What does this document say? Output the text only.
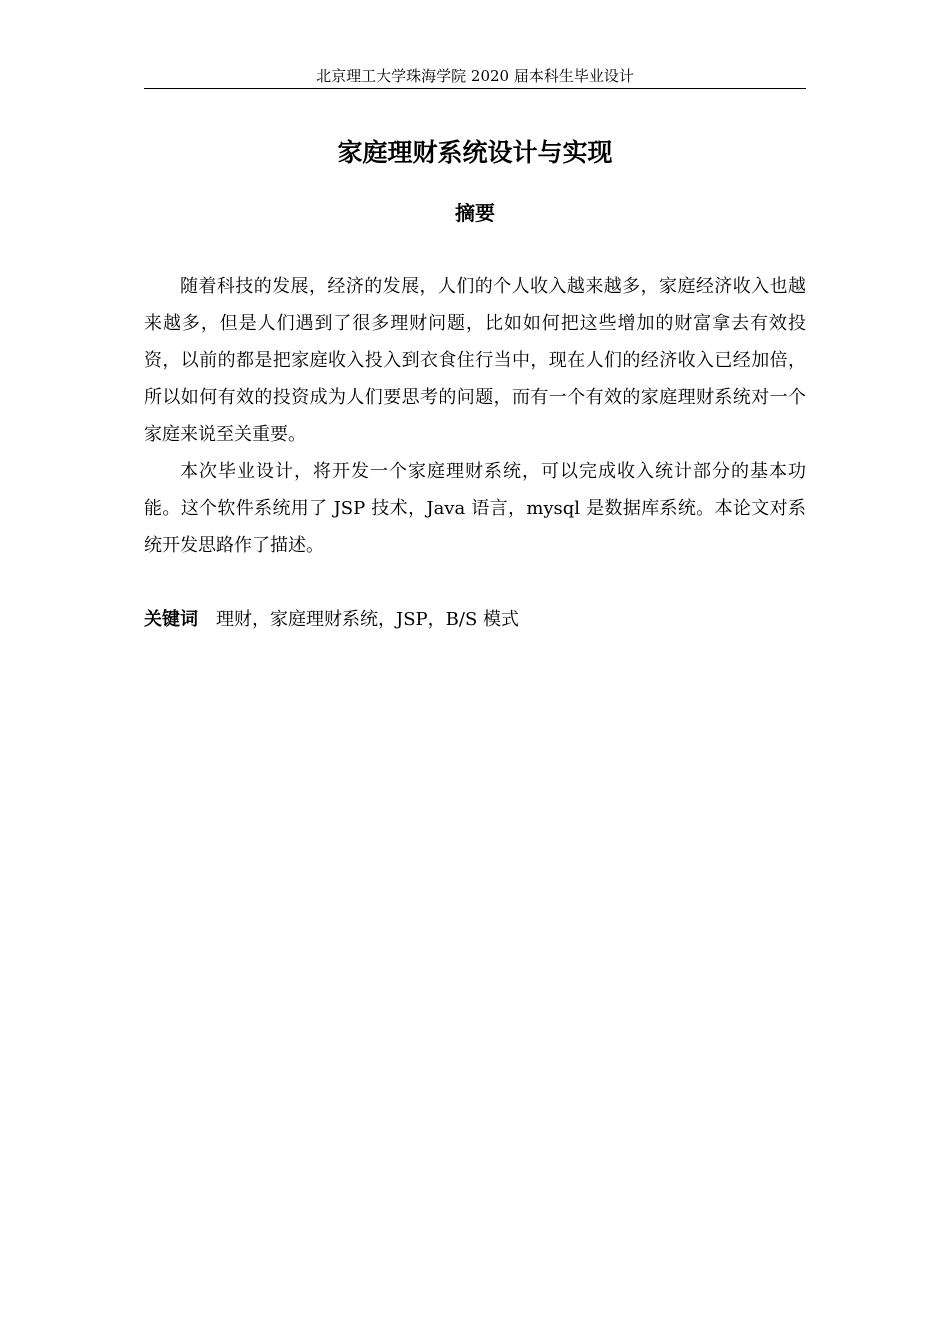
北京理工大学珠海学院 2020 届本科生毕业设计
家庭理财系统设计与实现
摘要

随着科技的发展，经济的发展，人们的个人收入越来越多，家庭经济收入也越来越多，但是人们遇到了很多理财问题，比如如何把这些增加的财富拿去有效投资，以前的都是把家庭收入投入到衣食住行当中，现在人们的经济收入已经加倍，所以如何有效的投资成为人们要思考的问题，而有一个有效的家庭理财系统对一个家庭来说至关重要。

本次毕业设计，将开发一个家庭理财系统，可以完成收入统计部分的基本功能。这个软件系统用了 JSP 技术，Java 语言，mysql 是数据库系统。本论文对系统开发思路作了描述。

关键词 理财，家庭理财系统，JSP，B/S 模式
